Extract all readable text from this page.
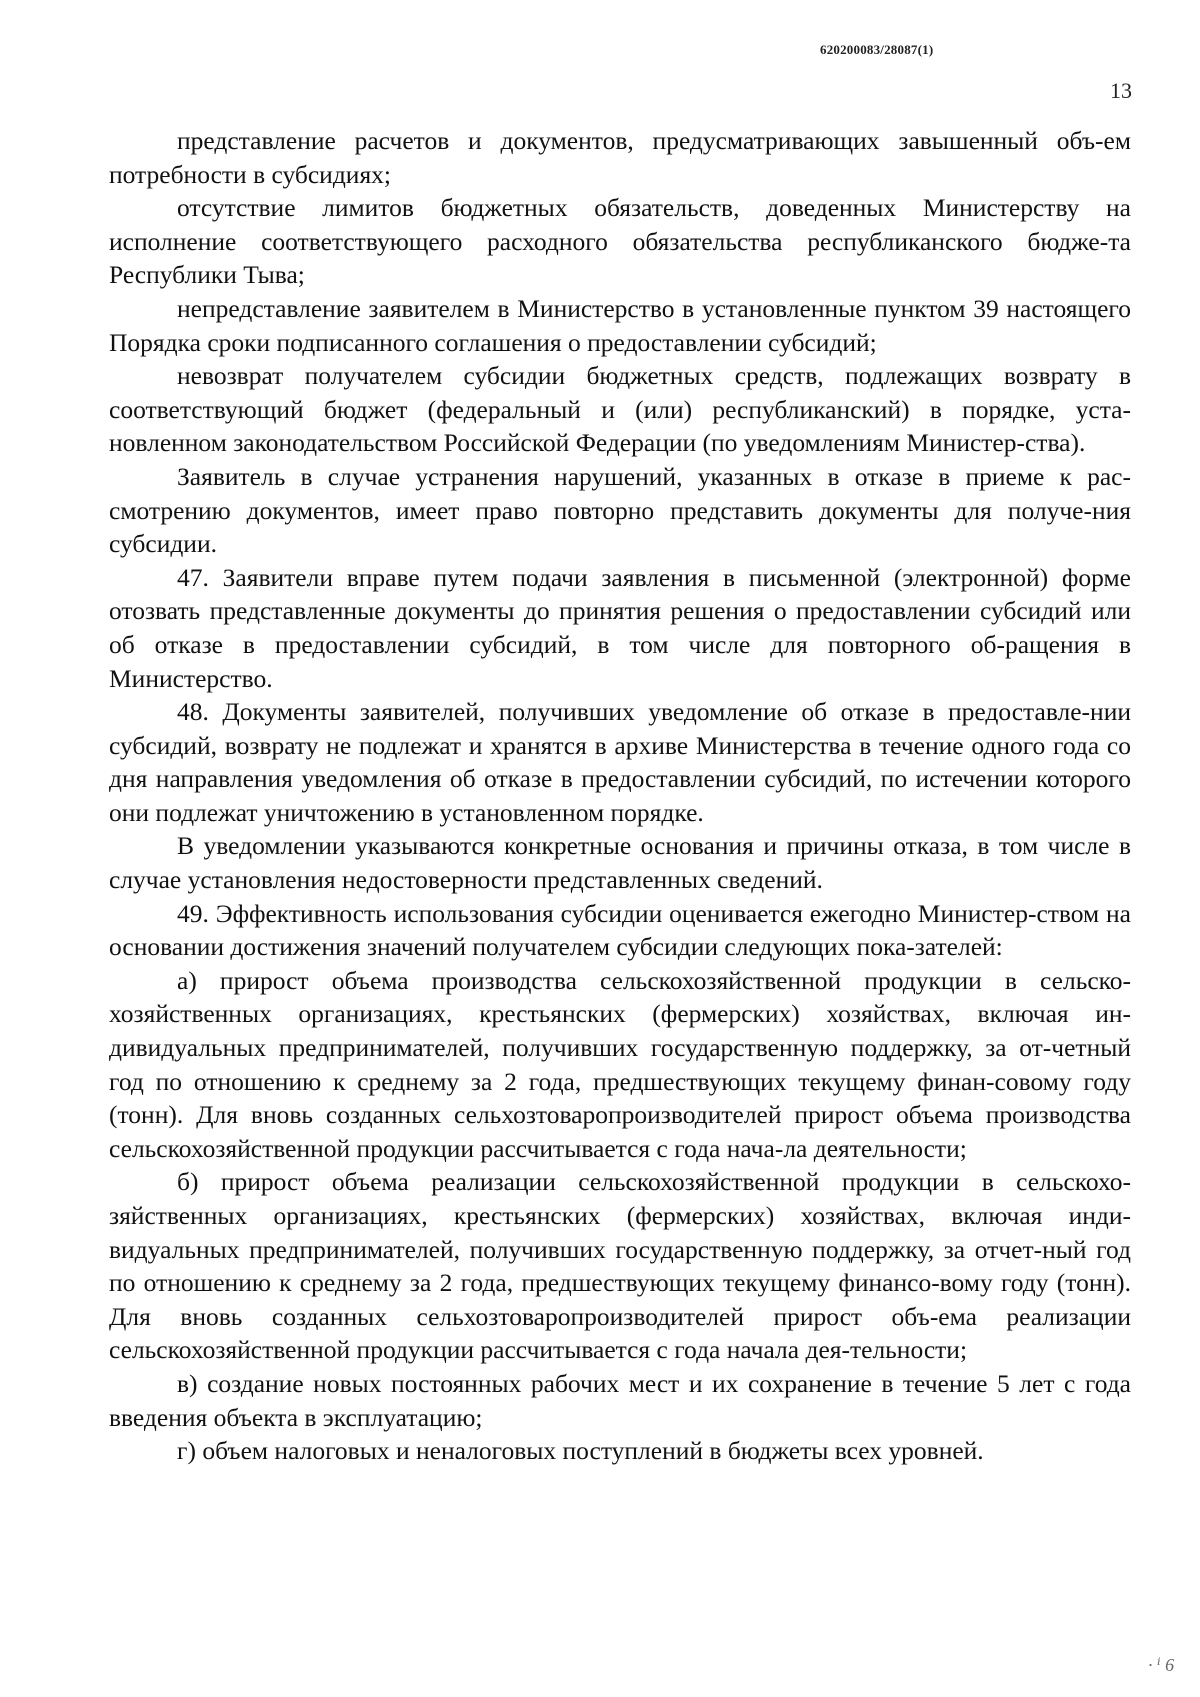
620200083/28087(1)
13

представление расчетов и документов, предусматривающих завышенный объ-ем потребности в субсидиях;

отсутствие лимитов бюджетных обязательств, доведенных Министерству на исполнение соответствующего расходного обязательства республиканского бюдже-та Республики Тыва;

непредставление заявителем в Министерство в установленные пунктом 39 настоящего Порядка сроки подписанного соглашения о предоставлении субсидий;

невозврат получателем субсидии бюджетных средств, подлежащих возврату в соответствующий бюджет (федеральный и (или) республиканский) в порядке, уста-новленном законодательством Российской Федерации (по уведомлениям Министер-ства).

Заявитель в случае устранения нарушений, указанных в отказе в приеме к рас-смотрению документов, имеет право повторно представить документы для получе-ния субсидии.

47. Заявители вправе путем подачи заявления в письменной (электронной) форме отозвать представленные документы до принятия решения о предоставлении субсидий или об отказе в предоставлении субсидий, в том числе для повторного об-ращения в Министерство.

48. Документы заявителей, получивших уведомление об отказе в предоставле-нии субсидий, возврату не подлежат и хранятся в архиве Министерства в течение одного года со дня направления уведомления об отказе в предоставлении субсидий, по истечении которого они подлежат уничтожению в установленном порядке.

В уведомлении указываются конкретные основания и причины отказа, в том числе в случае установления недостоверности представленных сведений.

49. Эффективность использования субсидии оценивается ежегодно Министер-ством на основании достижения значений получателем субсидии следующих пока-зателей:

а) прирост объема производства сельскохозяйственной продукции в сельско-хозяйственных организациях, крестьянских (фермерских) хозяйствах, включая ин-дивидуальных предпринимателей, получивших государственную поддержку, за от-четный год по отношению к среднему за 2 года, предшествующих текущему финан-совому году (тонн). Для вновь созданных сельхозтоваропроизводителей прирост объема производства сельскохозяйственной продукции рассчитывается с года нача-ла деятельности;

б) прирост объема реализации сельскохозяйственной продукции в сельскохо-зяйственных организациях, крестьянских (фермерских) хозяйствах, включая инди-видуальных предпринимателей, получивших государственную поддержку, за отчет-ный год по отношению к среднему за 2 года, предшествующих текущему финансо-вому году (тонн). Для вновь созданных сельхозтоваропроизводителей прирост объ-ема реализации сельскохозяйственной продукции рассчитывается с года начала дея-тельности;

в) создание новых постоянных рабочих мест и их сохранение в течение 5 лет с года введения объекта в эксплуатацию;

г) объем налоговых и неналоговых поступлений в бюджеты всех уровней.

· ⁱ 6
